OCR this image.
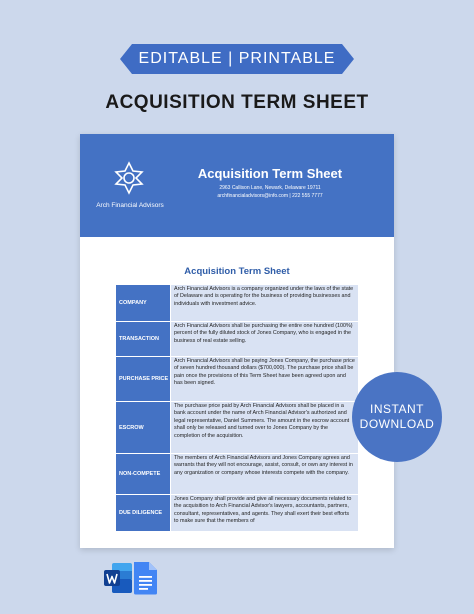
EDITABLE | PRINTABLE
ACQUISITION TERM SHEET
Arch Financial Advisors
Acquisition Term Sheet
2963 Callison Lane, Newark, Delaware 19711
archfinancialadvisors@info.com | 222 555 7777
Acquisition Term Sheet
COMPANY
Arch Financial Advisors is a company organized under the laws of the state of Delaware and is operating for the business of providing businesses and individuals with investment advice.
TRANSACTION
Arch Financial Advisors shall be purchasing the entire one hundred (100%) percent of the fully diluted stock of Jones Company, who is engaged in the business of real estate selling.
PURCHASE PRICE
Arch Financial Advisors shall be paying Jones Company, the purchase price of seven hundred thousand dollars ($700,000). The purchase price shall be pain once the provisions of this Term Sheet have been agreed upon and has been signed.
ESCROW
The purchase price paid by Arch Financial Advisors shall be placed in a bank account under the name of Arch Financial Advisor's authorized and legal representative, Daniel Summers. The amount in the escrow account shall only be released and turned over to Jones Company by the completion of the acquisition.
NON-COMPETE
The members of Arch Financial Advisors and Jones Company agrees and warrants that they will not encourage, assist, consult, or own any interest in any organization or company whose interests compete with the company.
DUE DILIGENCE
Jones Company shall provide and give all necessary documents related to the acquisition to Arch Financial Advisor's lawyers, accountants, partners, consultant, representatives, and agents. They shall exert their best efforts to make sure that the members of
INSTANT
DOWNLOAD
